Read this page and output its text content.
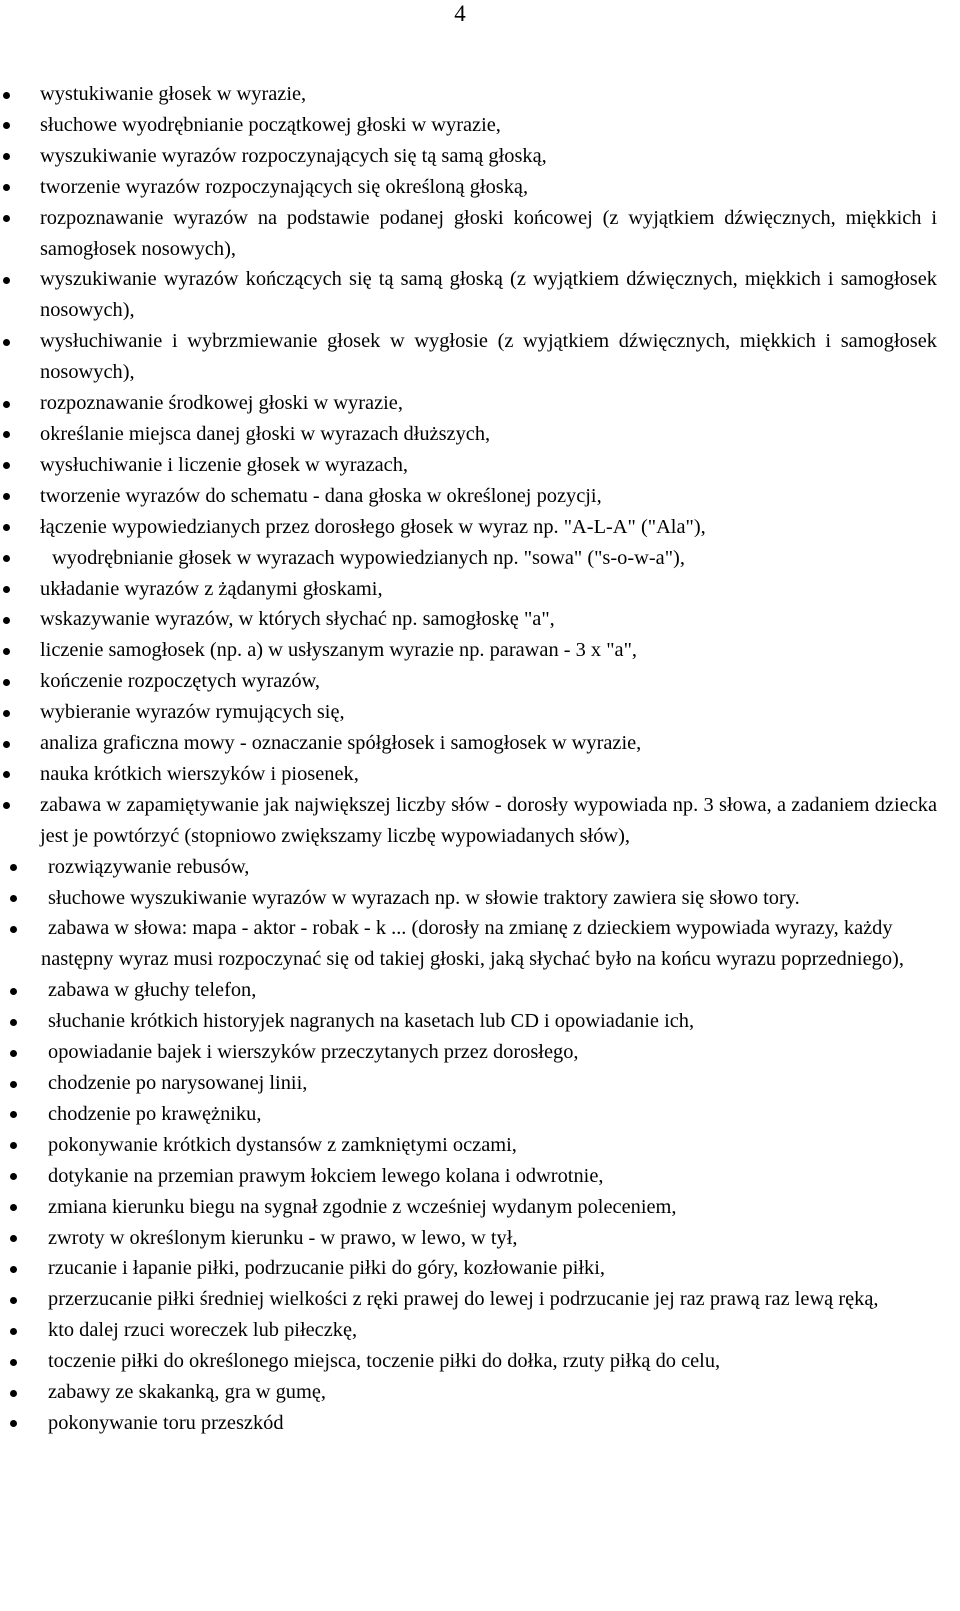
4
wystukiwanie głosek w wyrazie,
słuchowe wyodrębnianie początkowej głoski w wyrazie,
wyszukiwanie wyrazów rozpoczynających się tą samą głoską,
tworzenie wyrazów rozpoczynających się określoną głoską,
rozpoznawanie wyrazów na podstawie podanej głoski końcowej (z wyjątkiem dźwięcznych, miękkich i samogłosek nosowych),
wyszukiwanie wyrazów kończących się tą samą głoską (z wyjątkiem dźwięcznych, miękkich i samogłosek nosowych),
wysłuchiwanie i wybrzmiewanie głosek w wygłosie (z wyjątkiem dźwięcznych, miękkich i samogłosek nosowych),
rozpoznawanie środkowej głoski w wyrazie,
określanie miejsca danej głoski w wyrazach dłuższych,
wysłuchiwanie i liczenie głosek w wyrazach,
tworzenie wyrazów do schematu - dana głoska w określonej pozycji,
łączenie wypowiedzianych przez dorosłego głosek w wyraz np. "A-L-A" ("Ala"),
wyodrębnianie głosek w wyrazach wypowiedzianych np. "sowa" ("s-o-w-a"),
układanie wyrazów z żądanymi głoskami,
wskazywanie wyrazów, w których słychać np. samogłoskę "a",
liczenie samogłosek (np. a) w usłyszanym wyrazie np. parawan - 3 x "a",
kończenie rozpoczętych wyrazów,
wybieranie wyrazów rymujących się,
analiza graficzna mowy - oznaczanie spółgłosek i samogłosek w wyrazie,
nauka krótkich wierszyków i piosenek,
zabawa w zapamiętywanie jak największej liczby słów - dorosły wypowiada np. 3 słowa, a zadaniem dziecka jest je powtórzyć (stopniowo zwiększamy liczbę wypowiadanych słów),
rozwiązywanie rebusów,
słuchowe wyszukiwanie wyrazów w wyrazach np. w słowie traktory zawiera się słowo tory.
zabawa w słowa: mapa - aktor - robak - k ... (dorosły na zmianę z dzieckiem wypowiada wyrazy, każdy następny wyraz musi rozpoczynać się od takiej głoski, jaką słychać było na końcu wyrazu poprzedniego),
zabawa w głuchy telefon,
słuchanie krótkich historyjek nagranych na kasetach lub CD i opowiadanie ich,
opowiadanie bajek i wierszyków przeczytanych przez dorosłego,
chodzenie po narysowanej linii,
chodzenie po krawężniku,
pokonywanie krótkich dystansów z zamkniętymi oczami,
dotykanie na przemian prawym łokciem lewego kolana i odwrotnie,
zmiana kierunku biegu na sygnał zgodnie z wcześniej wydanym poleceniem,
zwroty w określonym kierunku - w prawo, w lewo, w tył,
rzucanie i łapanie piłki, podrzucanie piłki do góry, kozłowanie piłki,
przerzucanie piłki średniej wielkości z ręki prawej do lewej i podrzucanie jej raz prawą raz lewą ręką,
kto dalej rzuci woreczek lub piłeczkę,
toczenie piłki do określonego miejsca, toczenie piłki do dołka, rzuty piłką do celu,
zabawy ze skakanką, gra w gumę,
pokonywanie toru przeszkód
